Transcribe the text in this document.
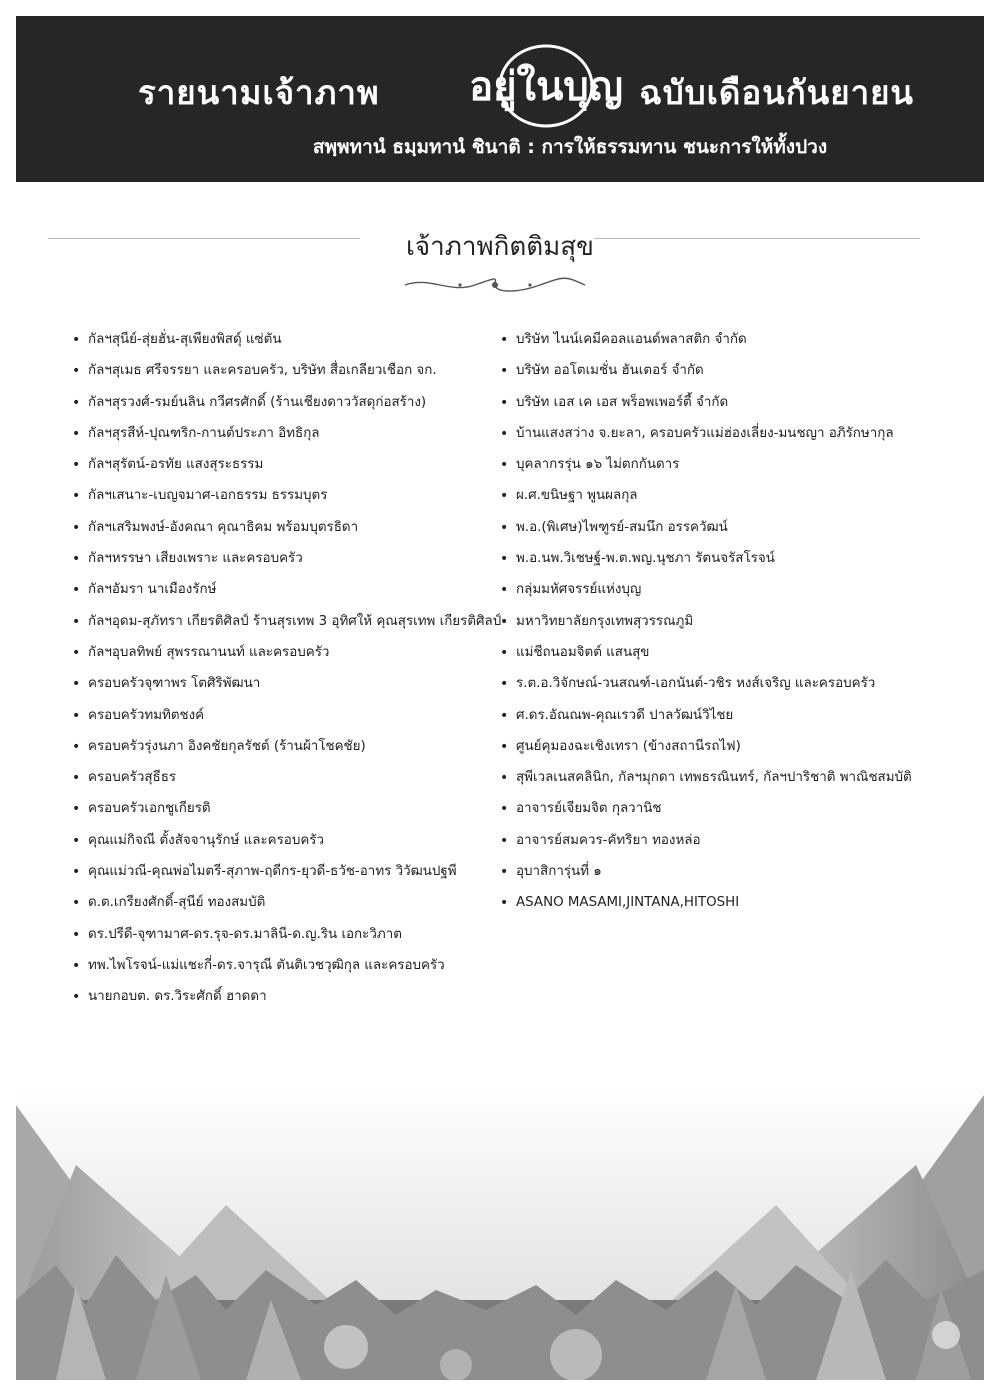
รายนามเจ้าภาพ อยู่ในบุญ ฉบับเดือนกันยายน
สพฺพทานํ ธมฺมทานํ ชินาติ : การให้ธรรมทาน ชนะการให้ทั้งปวง
เจ้าภาพกิตติมสุข
• กัลฯสุนีย์-สุ่ยฮั่น-สุเพียงพิสดุ์ แซ่ตัน
• กัลฯสุเมธ ศรีจรรยา และครอบครัว, บริษัท สื่อเกลียวเชือก จก.
• กัลฯสุรวงศ์-รมย์นลิน กวีศรศักดิ์ (ร้านเชียงดาววัสดุก่อสร้าง)
• กัลฯสุรสีห์-ปุณฑริก-กานต์ประภา อิทธิกุล
• กัลฯสุรัตน์-อรทัย แสงสุระธรรม
• กัลฯเสนาะ-เบญจมาศ-เอกธรรม ธรรมบุตร
• กัลฯเสริมพงษ์-อังคณา คุณาธิคม พร้อมบุตรธิดา
• กัลฯหรรษา เสียงเพราะ และครอบครัว
• กัลฯอัมรา นาเมืองรักษ์
• กัลฯอุดม-สุภัทรา เกียรติศิลป์ ร้านสุรเทพ 3 อุทิศให้ คุณสุรเทพ เกียรติศิลป์
• กัลฯอุบลทิพย์ สุพรรณานนท์ และครอบครัว
• ครอบครัวจุฑาพร โตศิริพัฒนา
• ครอบครัวทมทิตชงค์
• ครอบครัวรุ่งนภา อิงคชัยกุลรัชต์ (ร้านผ้าโชคชัย)
• ครอบครัวสุธีธร
• ครอบครัวเอกชูเกียรติ
• คุณแม่กิจณี ตั้งสัจจานุรักษ์ และครอบครัว
• คุณแม่วณี-คุณพ่อไมตรี-สุภาพ-ฤดีกร-ยุวดี-ธวัช-อาทร วิวัฒนปฐพี
• ด.ต.เกรียงศักดิ์-สุนีย์ ทองสมบัติ
• ดร.ปรีดี-จุฑามาศ-ดร.รุจ-ดร.มาลินี-ด.ญ.ริน เอกะวิภาต
• ทพ.ไพโรจน์-แม่แชะกี่-ดร.จารุณี ตันติเวชวุฒิกุล และครอบครัว
• นายกอบต. ดร.วิระศักดิ์ ฮาดดา
• บริษัท ไนน์เคมีคอลแอนด์พลาสติก จำกัด
• บริษัท ออโตเมชั่น ฮันเตอร์ จำกัด
• บริษัท เอส เค เอส พร็อพเพอร์ตี้ จำกัด
• บ้านแสงสว่าง จ.ยะลา, ครอบครัวแม่ฮ่องเลี่ยง-มนชญา อภิรักษากุล
• บุคลากรรุ่น ๑๖ ไม่ตกกันดาร
• ผ.ศ.ขนิษฐา พูนผลกุล
• พ.อ.(พิเศษ)ไพฑูรย์-สมนึก อรรควัฒน์
• พ.อ.นพ.วิเชษฐ์-พ.ต.พญ.นุชภา รัตนจรัสโรจน์
• กลุ่มมหัศจรรย์แห่งบุญ
• มหาวิทยาลัยกรุงเทพสุวรรณภูมิ
• แม่ชีถนอมจิตต์ แสนสุข
• ร.ต.อ.วิจักษณ์-วนสณฑ์-เอกนันต์-วชิร หงส์เจริญ และครอบครัว
• ศ.ดร.อัณณพ-คุณเรวดี ปาลวัฒน์วิไชย
• ศูนย์คุมองฉะเชิงเทรา (ข้างสถานีรถไฟ)
• สุพีเวลเนสคลินิก, กัลฯมุกดา เทพธรณินทร์, กัลฯปาริชาติ พาณิชสมบัติ
• อาจารย์เจียมจิต กุลวานิช
• อาจารย์สมควร-คัทริยา ทองหล่อ
• อุบาสิการุ่นที่ ๑
• ASANO MASAMI,JINTANA,HITOSHI
